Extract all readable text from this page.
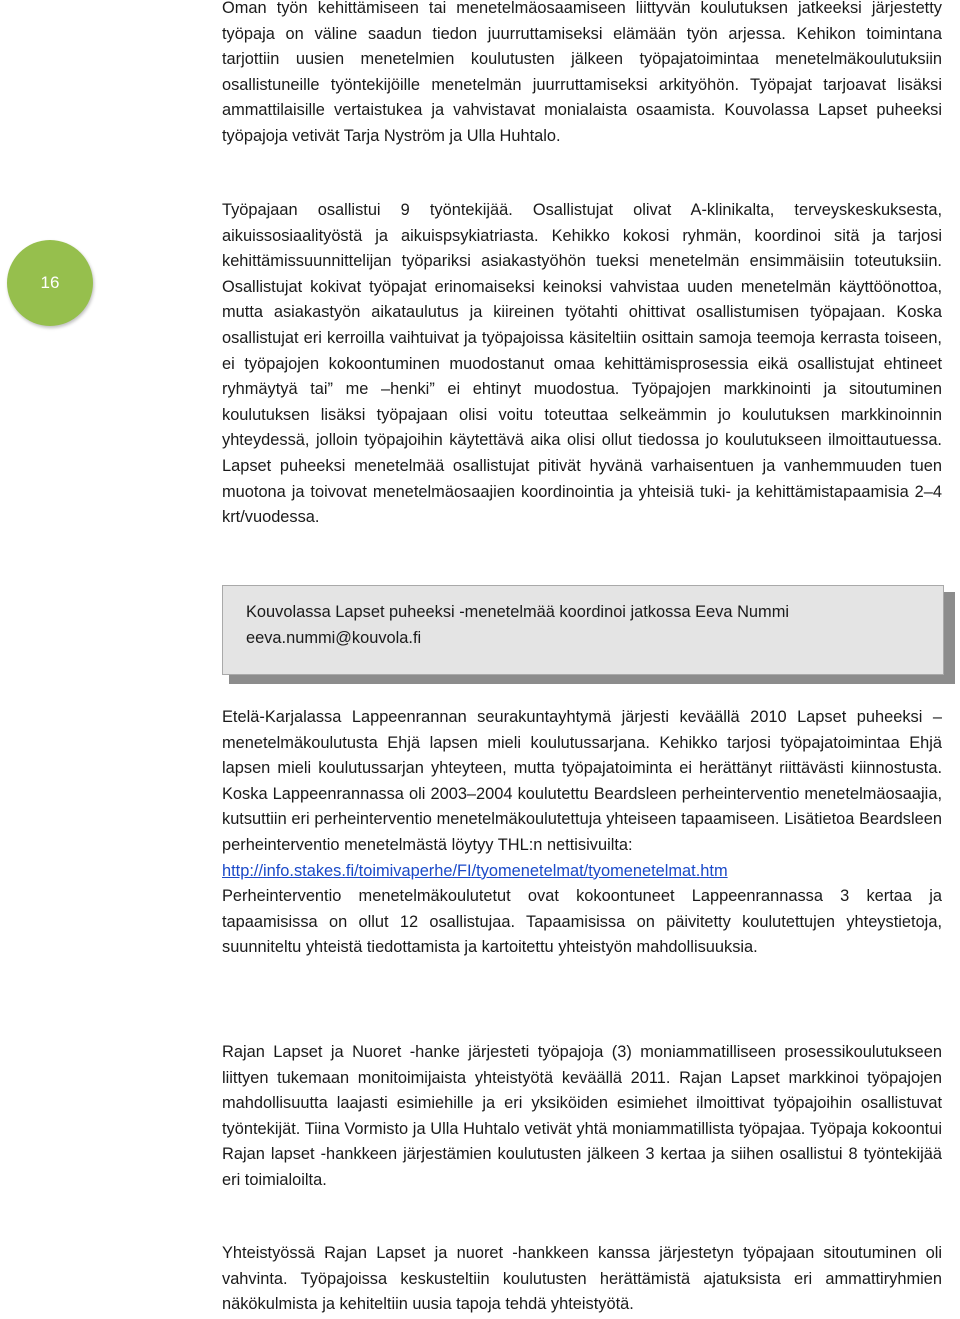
16

Oman työn kehittämiseen tai menetelmäosaamiseen liittyvän koulutuksen jatkeeksi järjestetty työpaja on väline saadun tiedon juurruttamiseksi elämään työn arjessa. Kehikon toimintana tarjottiin uusien menetelmien koulutusten jälkeen työpajatoimintaa menetelmäkoulutuksiin osallistuneille työntekijöille menetelmän juurruttamiseksi arkityöhön. Työpajat tarjoavat lisäksi ammattilaisille vertaistukea ja vahvistavat monialaista osaamista. Kouvolassa Lapset puheeksi työpajoja vetivät Tarja Nyström ja Ulla Huhtalo.

Työpajaan osallistui 9 työntekijää. Osallistujat olivat A-klinikalta, terveyskeskuksesta, aikuissosiaalityöstä ja aikuispsykiatriasta. Kehikko kokosi ryhmän, koordinoi sitä ja tarjosi kehittämissuunnittelijan työpariksi asiakastyöhön tueksi menetelmän ensimmäisiin toteutuksiin. Osallistujat kokivat työpajat erinomaiseksi keinoksi vahvistaa uuden menetelmän käyttöönottoa, mutta asiakastyön aikataulutus ja kiireinen työtahti ohittivat osallistumisen työpajaan. Koska osallistujat eri kerroilla vaihtuivat ja työpajoissa käsiteltiin osittain samoja teemoja kerrasta toiseen, ei työpajojen kokoontuminen muodostanut omaa kehittämisprosessia eikä osallistujat ehtineet ryhmäytyä tai” me –henki” ei ehtinyt muodostua. Työpajojen markkinointi ja sitoutuminen koulutuksen lisäksi työpajaan olisi voitu toteuttaa selkeämmin jo koulutuksen markkinoinnin yhteydessä, jolloin työpajoihin käytettävä aika olisi ollut tiedossa jo koulutukseen ilmoittautuessa. Lapset puheeksi menetelmää osallistujat pitivät hyvänä varhaisentuen ja vanhemmuuden tuen muotona ja toivovat menetelmäosaajien koordinointia ja yhteisiä tuki- ja kehittämistapaamisia 2–4 krt/vuodessa.

Kouvolassa Lapset puheeksi -menetelmää koordinoi jatkossa Eeva Nummi eeva.nummi@kouvola.fi

Etelä-Karjalassa Lappeenrannan seurakuntayhtymä järjesti keväällä 2010 Lapset puheeksi – menetelmäkoulutusta Ehjä lapsen mieli koulutussarjana. Kehikko tarjosi työpajatoimintaa Ehjä lapsen mieli koulutussarjan yhteyteen, mutta työpajatoiminta ei herättänyt riittävästi kiinnostusta. Koska Lappeenrannassa oli 2003–2004 koulutettu Beardsleen perheinterventio menetelmäosaajia, kutsuttiin eri perheinterventio menetelmäkoulutettuja yhteiseen tapaamiseen. Lisätietoa Beardsleen perheinterventio menetelmästä löytyy THL:n nettisivuilta:
http://info.stakes.fi/toimivaperhe/FI/tyomenetelmat/tyomenetelmat.htm
Perheinterventio menetelmäkoulutetut ovat kokoontuneet Lappeenrannassa 3 kertaa ja tapaamisissa on ollut 12 osallistujaa. Tapaamisissa on päivitetty koulutettujen yhteystietoja, suunniteltu yhteistä tiedottamista ja kartoitettu yhteistyön mahdollisuuksia.

Rajan Lapset ja Nuoret -hanke järjesteti työpajoja (3) moniammatilliseen prosessikoulutukseen liittyen tukemaan monitoimijaista yhteistyötä keväällä 2011. Rajan Lapset markkinoi työpajojen mahdollisuutta laajasti esimiehille ja eri yksiköiden esimiehet ilmoittivat työpajoihin osallistuvat työntekijät. Tiina Vormisto ja Ulla Huhtalo vetivät yhtä moniammatillista työpajaa. Työpaja kokoontui Rajan lapset -hankkeen järjestämien koulutusten jälkeen 3 kertaa ja siihen osallistui 8 työntekijää eri toimialoilta.

Yhteistyössä Rajan Lapset ja nuoret -hankkeen kanssa järjestetyn työpajaan sitoutuminen oli vahvinta. Työpajoissa keskusteltiin koulutusten herättämistä ajatuksista eri ammattiryhmien näkökulmista ja kehiteltiin uusia tapoja tehdä yhteistyötä.
